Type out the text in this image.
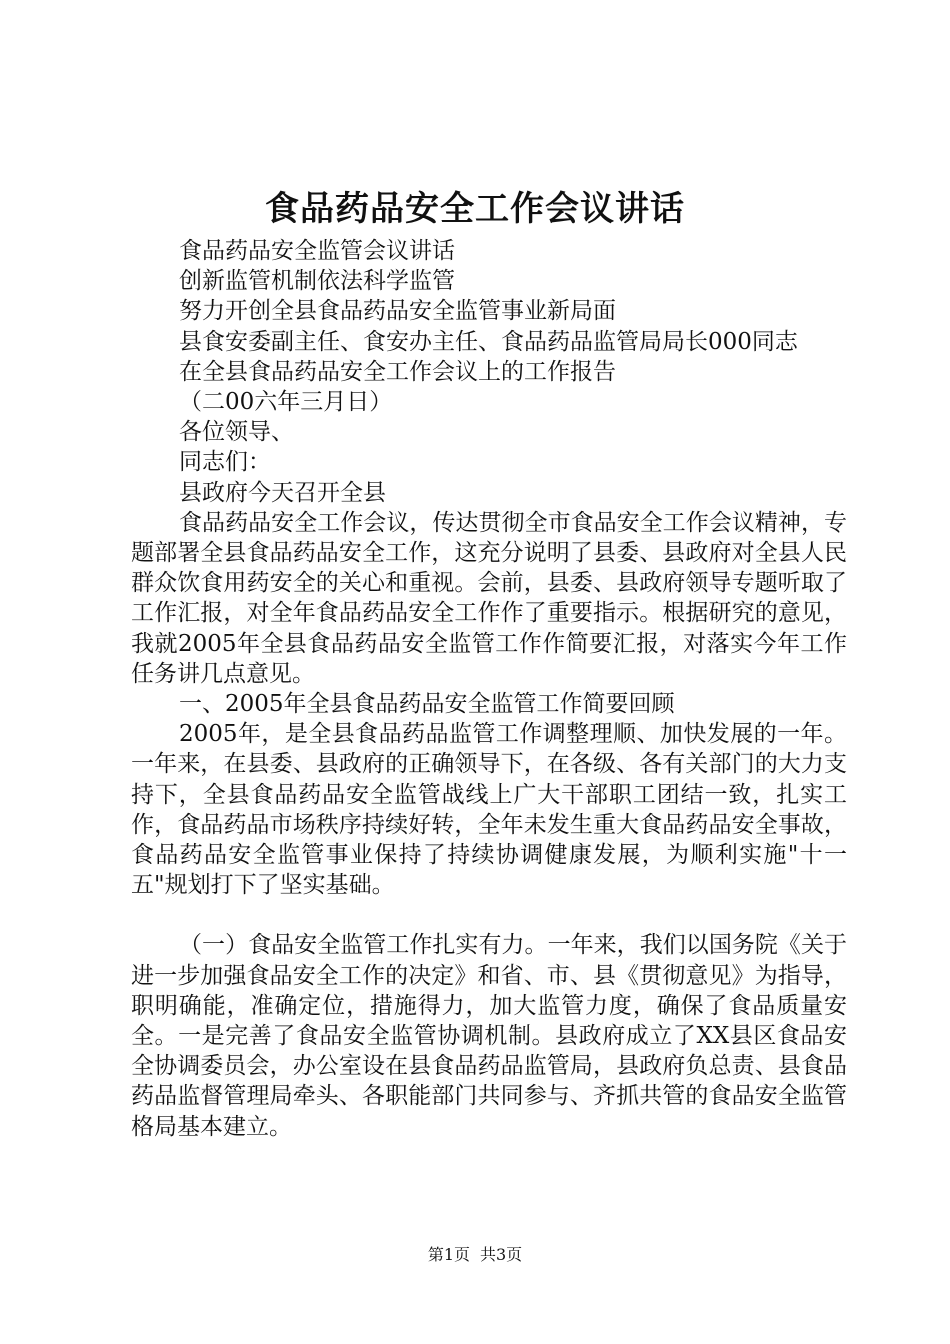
食品药品安全工作会议讲话

食品药品安全监管会议讲话

创新监管机制依法科学监管

努力开创全县食品药品安全监管事业新局面

县食安委副主任、食安办主任、食品药品监管局局长000同志

在全县食品药品安全工作会议上的工作报告

（二00六年三月日）

各位领导、

同志们：

县政府今天召开全县

食品药品安全工作会议，传达贯彻全市食品安全工作会议精神，专题部署全县食品药品安全工作，这充分说明了县委、县政府对全县人民群众饮食用药安全的关心和重视。会前，县委、县政府领导专题听取了工作汇报，对全年食品药品安全工作作了重要指示。根据研究的意见，我就2005年全县食品药品安全监管工作作简要汇报，对落实今年工作任务讲几点意见。

一、2005年全县食品药品安全监管工作简要回顾

2005年，是全县食品药品监管工作调整理顺、加快发展的一年。一年来，在县委、县政府的正确领导下，在各级、各有关部门的大力支持下，全县食品药品安全监管战线上广大干部职工团结一致，扎实工作，食品药品市场秩序持续好转，全年未发生重大食品药品安全事故，食品药品安全监管事业保持了持续协调健康发展，为顺利实施"十一五"规划打下了坚实基础。

（一）食品安全监管工作扎实有力。一年来，我们以国务院《关于进一步加强食品安全工作的决定》和省、市、县《贯彻意见》为指导，职明确能，准确定位，措施得力，加大监管力度，确保了食品质量安全。一是完善了食品安全监管协调机制。县政府成立了XX县区食品安全协调委员会，办公室设在县食品药品监管局，县政府负总责、县食品药品监督管理局牵头、各职能部门共同参与、齐抓共管的食品安全监管格局基本建立。

第1页 共3页
